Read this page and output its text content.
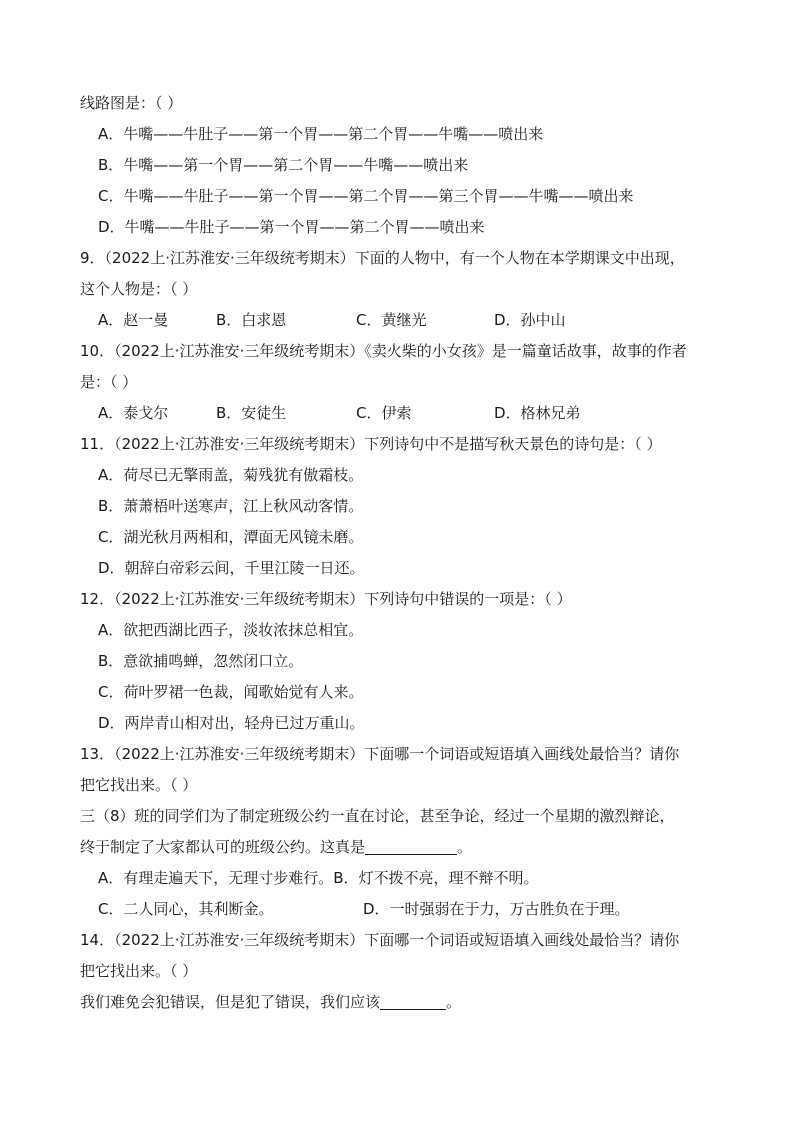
线路图是：（ ）
A．牛嘴——牛肚子——第一个胃——第二个胃——牛嘴——喷出来
B．牛嘴——第一个胃——第二个胃——牛嘴——喷出来
C．牛嘴——牛肚子——第一个胃——第二个胃——第三个胃——牛嘴——喷出来
D．牛嘴——牛肚子——第一个胃——第二个胃——喷出来
9．（2022上·江苏淮安·三年级统考期末）下面的人物中，有一个人物在本学期课文中出现，
这个人物是：（ ）
A．赵一曼	B．白求恩	C．黄继光	D．孙中山
10．（2022上·江苏淮安·三年级统考期末）《卖火柴的小女孩》是一篇童话故事，故事的作者
是：（ ）
A．泰戈尔	B．安徒生	C．伊索	D．格林兄弟
11．（2022上·江苏淮安·三年级统考期末）下列诗句中不是描写秋天景色的诗句是：（ ）
A．荷尽已无擎雨盖，菊残犹有傲霜枝。
B．萧萧梧叶送寒声，江上秋风动客情。
C．湖光秋月两相和，潭面无风镜未磨。
D．朝辞白帝彩云间，千里江陵一日还。
12．（2022上·江苏淮安·三年级统考期末）下列诗句中错误的一项是：（ ）
A．欲把西湖比西子，淡妆浓抹总相宜。
B．意欲捕鸣蝉，忽然闭口立。
C．荷叶罗裙一色裁，闻歌始觉有人来。
D．两岸青山相对出，轻舟已过万重山。
13．（2022上·江苏淮安·三年级统考期末）下面哪一个词语或短语填入画线处最恰当？请你
把它找出来。（ ）
三（8）班的同学们为了制定班级公约一直在讨论，甚至争论，经过一个星期的激烈辩论，
终于制定了大家都认可的班级公约。这真是	。
A．有理走遍天下，无理寸步难行。B．灯不拨不亮，理不辩不明。
C．二人同心，其利断金。	D．一时强弱在于力，万古胜负在于理。
14．（2022上·江苏淮安·三年级统考期末）下面哪一个词语或短语填入画线处最恰当？请你
把它找出来。（ ）
我们难免会犯错误，但是犯了错误，我们应该	。
